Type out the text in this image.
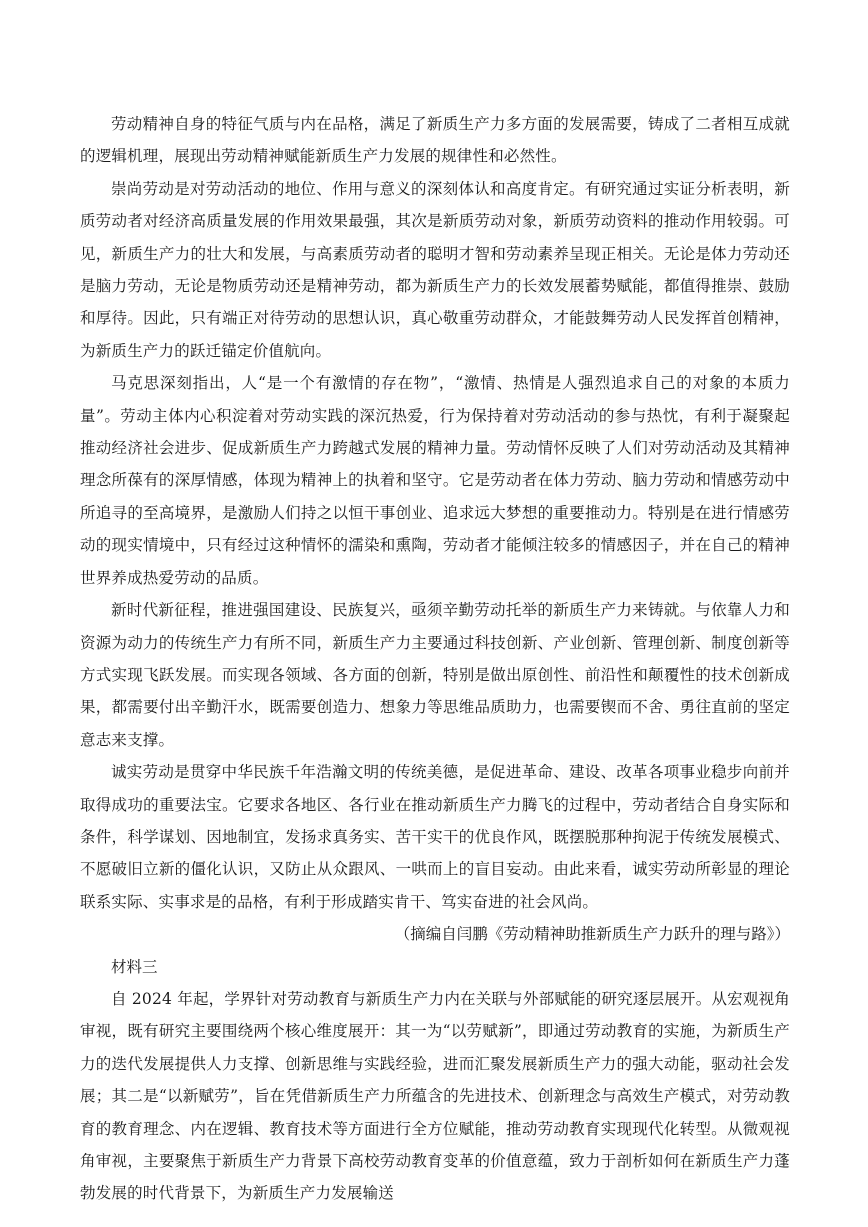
劳动精神自身的特征气质与内在品格，满足了新质生产力多方面的发展需要，铸成了二者相互成就的逻辑机理，展现出劳动精神赋能新质生产力发展的规律性和必然性。

崇尚劳动是对劳动活动的地位、作用与意义的深刻体认和高度肯定。有研究通过实证分析表明，新质劳动者对经济高质量发展的作用效果最强，其次是新质劳动对象，新质劳动资料的推动作用较弱。可见，新质生产力的壮大和发展，与高素质劳动者的聪明才智和劳动素养呈现正相关。无论是体力劳动还是脑力劳动，无论是物质劳动还是精神劳动，都为新质生产力的长效发展蓄势赋能，都值得推崇、鼓励和厚待。因此，只有端正对待劳动的思想认识，真心敬重劳动群众，才能鼓舞劳动人民发挥首创精神，为新质生产力的跃迁锚定价值航向。

马克思深刻指出，人“是一个有激情的存在物”，“激情、热情是人强烈追求自己的对象的本质力量”。劳动主体内心积淀着对劳动实践的深沉热爱，行为保持着对劳动活动的参与热忱，有利于凝聚起推动经济社会进步、促成新质生产力跨越式发展的精神力量。劳动情怀反映了人们对劳动活动及其精神理念所葆有的深厚情感，体现为精神上的执着和坚守。它是劳动者在体力劳动、脑力劳动和情感劳动中所追寻的至高境界，是激励人们持之以恒干事创业、追求远大梦想的重要推动力。特别是在进行情感劳动的现实情境中，只有经过这种情怀的濡染和熏陶，劳动者才能倾注较多的情感因子，并在自己的精神世界养成热爱劳动的品质。

新时代新征程，推进强国建设、民族复兴，亟须辛勤劳动托举的新质生产力来铸就。与依靠人力和资源为动力的传统生产力有所不同，新质生产力主要通过科技创新、产业创新、管理创新、制度创新等方式实现飞跃发展。而实现各领域、各方面的创新，特别是做出原创性、前沿性和颠覆性的技术创新成果，都需要付出辛勤汗水，既需要创造力、想象力等思维品质助力，也需要锲而不舍、勇往直前的坚定意志来支撑。

诚实劳动是贯穿中华民族千年浩瀚文明的传统美德，是促进革命、建设、改革各项事业稳步向前并取得成功的重要法宝。它要求各地区、各行业在推动新质生产力腾飞的过程中，劳动者结合自身实际和条件，科学谋划、因地制宜，发扬求真务实、苦干实干的优良作风，既摆脱那种拘泥于传统发展模式、不愿破旧立新的僵化认识，又防止从众跟风、一哄而上的盲目妄动。由此来看，诚实劳动所彰显的理论联系实际、实事求是的品格，有利于形成踏实肯干、笃实奋进的社会风尚。

（摘编自闫鹏《劳动精神助推新质生产力跃升的理与路》）

材料三

自 2024 年起，学界针对劳动教育与新质生产力内在关联与外部赋能的研究逐层展开。从宏观视角审视，既有研究主要围绕两个核心维度展开：其一为“以劳赋新”，即通过劳动教育的实施，为新质生产力的迭代发展提供人力支撑、创新思维与实践经验，进而汇聚发展新质生产力的强大动能，驱动社会发展；其二是“以新赋劳”，旨在凭借新质生产力所蕴含的先进技术、创新理念与高效生产模式，对劳动教育的教育理念、内在逻辑、教育技术等方面进行全方位赋能，推动劳动教育实现现代化转型。从微观视角审视，主要聚焦于新质生产力背景下高校劳动教育变革的价值意蕴，致力于剖析如何在新质生产力蓬勃发展的时代背景下，为新质生产力发展输送
